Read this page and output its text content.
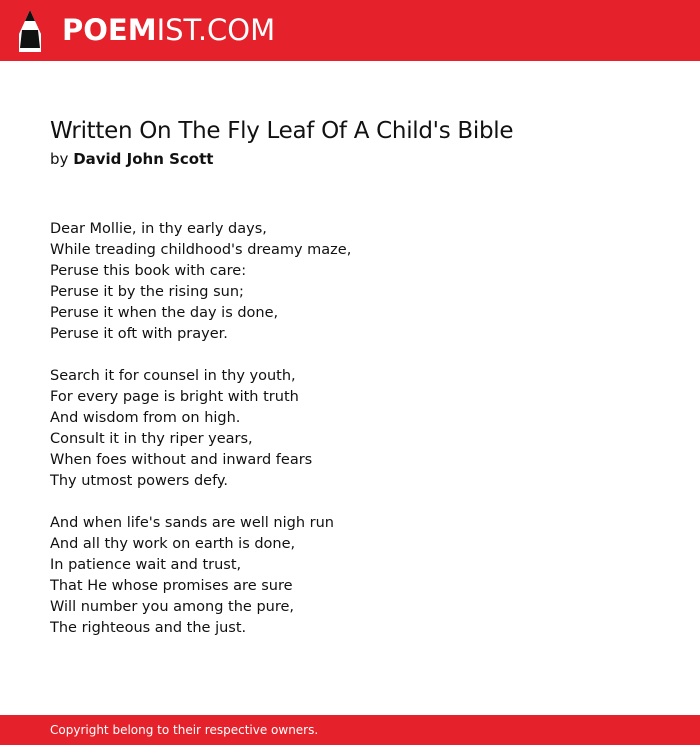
POEMIST.COM
Written On The Fly Leaf Of A Child's Bible
by David John Scott
Dear Mollie, in thy early days,
While treading childhood's dreamy maze,
Peruse this book with care:
Peruse it by the rising sun;
Peruse it when the day is done,
Peruse it oft with prayer.
Search it for counsel in thy youth,
For every page is bright with truth
And wisdom from on high.
Consult it in thy riper years,
When foes without and inward fears
Thy utmost powers defy.
And when life's sands are well nigh run
And all thy work on earth is done,
In patience wait and trust,
That He whose promises are sure
Will number you among the pure,
The righteous and the just.
Copyright belong to their respective owners.
